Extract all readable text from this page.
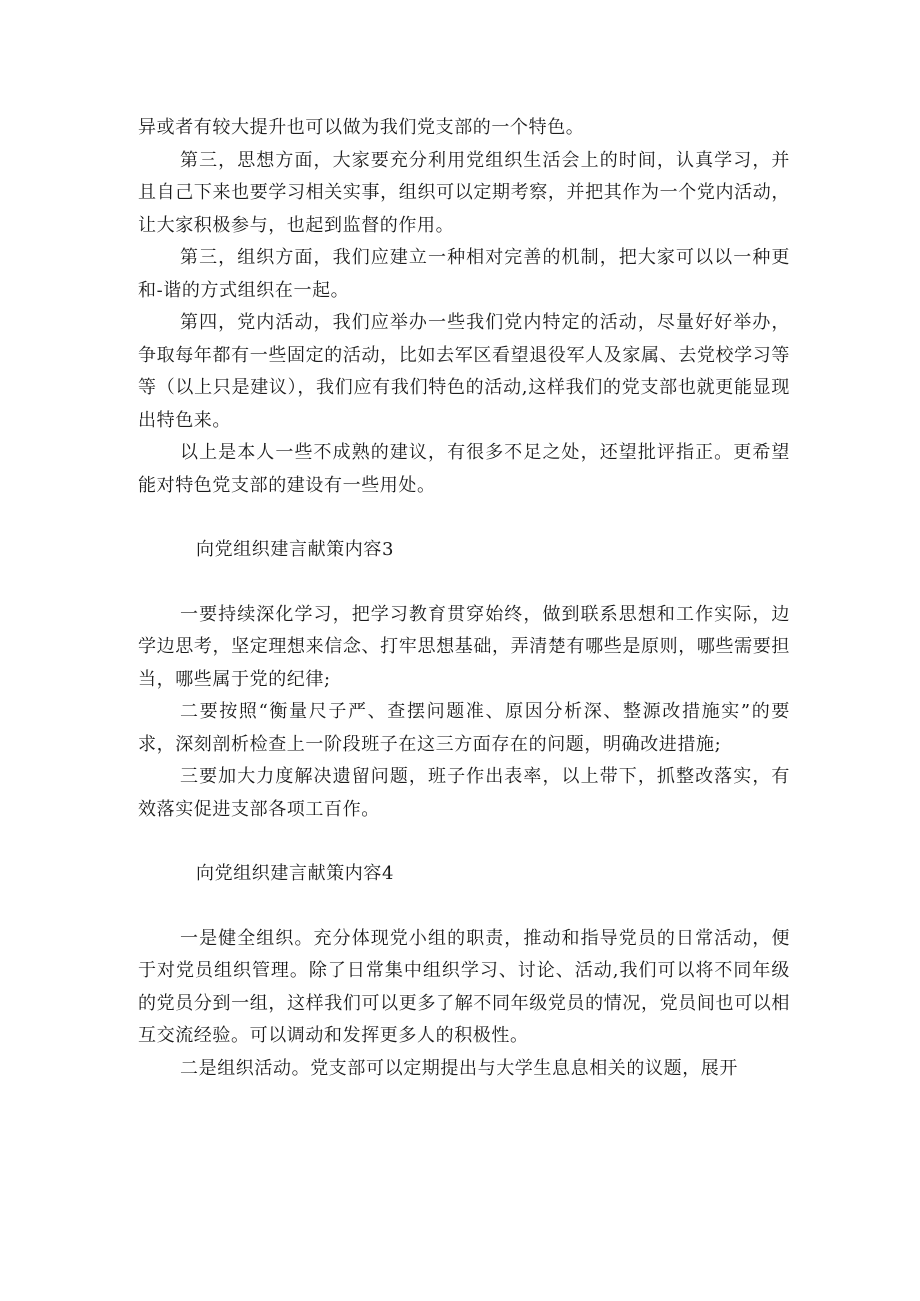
异或者有较大提升也可以做为我们党支部的一个特色。

第三，思想方面，大家要充分利用党组织生活会上的时间，认真学习，并且自己下来也要学习相关实事，组织可以定期考察，并把其作为一个党内活动，让大家积极参与，也起到监督的作用。

第三，组织方面，我们应建立一种相对完善的机制，把大家可以以一种更和-谐的方式组织在一起。

第四，党内活动，我们应举办一些我们党内特定的活动，尽量好好举办，争取每年都有一些固定的活动，比如去军区看望退役军人及家属、去党校学习等等（以上只是建议），我们应有我们特色的活动,这样我们的党支部也就更能显现出特色来。

以上是本人一些不成熟的建议，有很多不足之处，还望批评指正。更希望能对特色党支部的建设有一些用处。

向党组织建言献策内容3

一要持续深化学习，把学习教育贯穿始终，做到联系思想和工作实际，边学边思考，坚定理想来信念、打牢思想基础，弄清楚有哪些是原则，哪些需要担当，哪些属于党的纪律;

二要按照“衡量尺子严、查摆问题准、原因分析深、整源改措施实”的要求，深刻剖析检查上一阶段班子在这三方面存在的问题，明确改进措施;

三要加大力度解决遗留问题，班子作出表率，以上带下，抓整改落实，有效落实促进支部各项工百作。

向党组织建言献策内容4

一是健全组织。充分体现党小组的职责，推动和指导党员的日常活动，便于对党员组织管理。除了日常集中组织学习、讨论、活动,我们可以将不同年级的党员分到一组，这样我们可以更多了解不同年级党员的情况，党员间也可以相互交流经验。可以调动和发挥更多人的积极性。

二是组织活动。党支部可以定期提出与大学生息息相关的议题，展开
